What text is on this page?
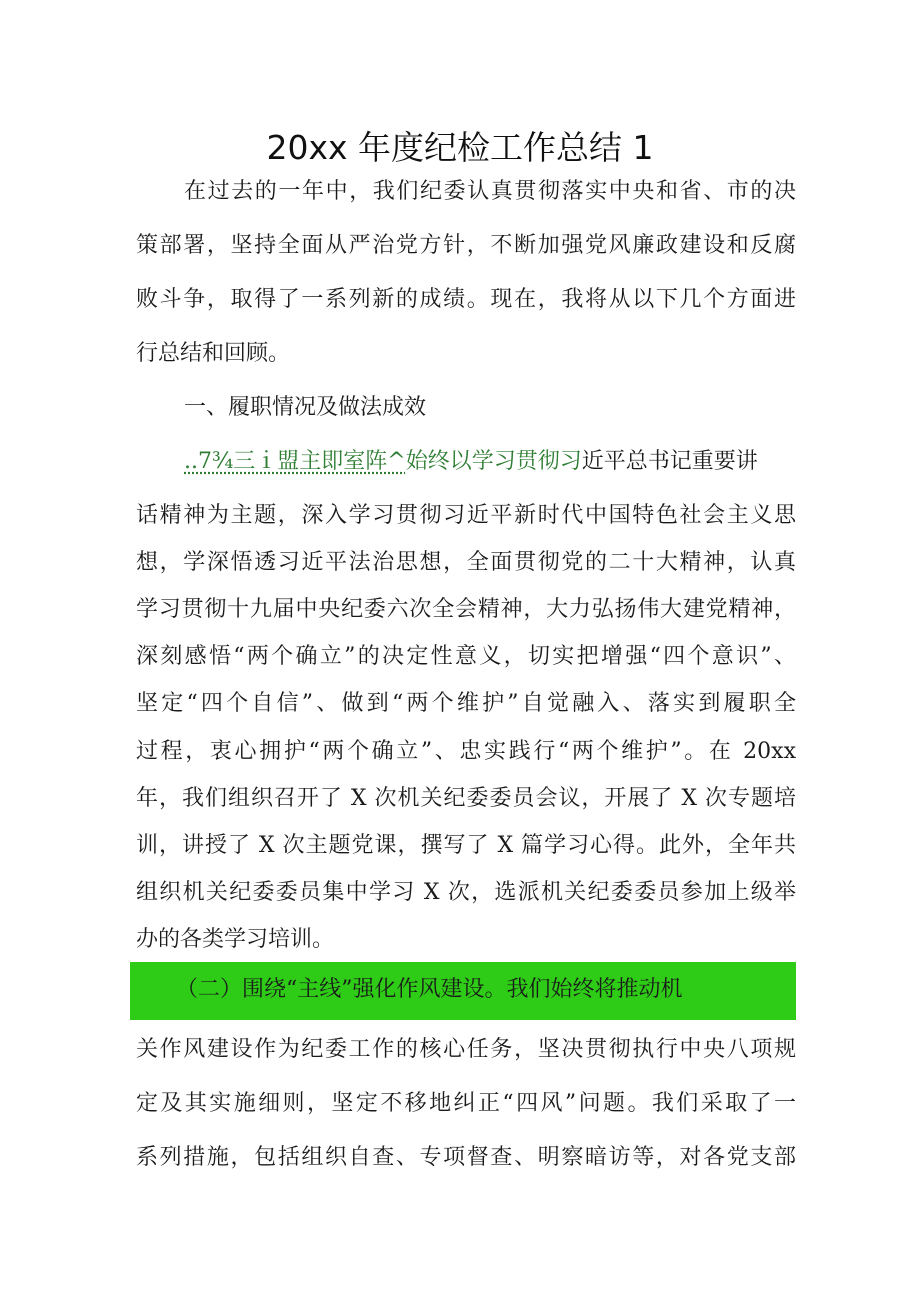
20xx 年度纪检工作总结 1
在过去的一年中，我们纪委认真贯彻落实中央和省、市的决
策部署，坚持全面从严治党方针，不断加强党风廉政建设和反腐
败斗争，取得了一系列新的成绩。现在，我将从以下几个方面进
行总结和回顾。
一、履职情况及做法成效
..7¾三ｉ盟主即室阵^始终以学习贯彻习近平总书记重要讲
话精神为主题，深入学习贯彻习近平新时代中国特色社会主义思
想，学深悟透习近平法治思想，全面贯彻党的二十大精神，认真
学习贯彻十九届中央纪委六次全会精神，大力弘扬伟大建党精神，
深刻感悟“两个确立”的决定性意义，切实把增强“四个意识”、
坚定“四个自信”、做到“两个维护”自觉融入、落实到履职全
过程，衷心拥护“两个确立”、忠实践行“两个维护”。在 20xx
年，我们组织召开了 X 次机关纪委委员会议，开展了 X 次专题培
训，讲授了 X 次主题党课，撰写了 X 篇学习心得。此外，全年共
组织机关纪委委员集中学习 X 次，选派机关纪委委员参加上级举
办的各类学习培训。
（二）围绕“主线”强化作风建设。我们始终将推动机
关作风建设作为纪委工作的核心任务，坚决贯彻执行中央八项规
定及其实施细则，坚定不移地纠正“四风”问题。我们采取了一
系列措施，包括组织自查、专项督查、明察暗访等，对各党支部
